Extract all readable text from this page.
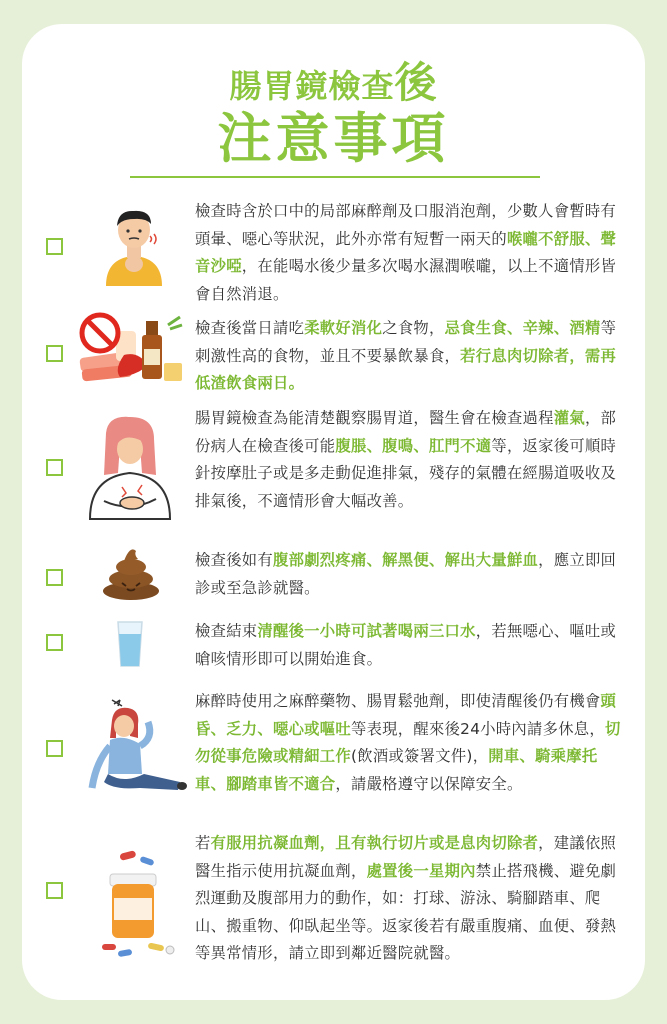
腸胃鏡檢查後
注意事項
檢查時含於口中的局部麻醉劑及口服消泡劑，少數人會暫時有頭暈、噁心等狀況，此外亦常有短暫一兩天的喉嚨不舒服、聲音沙啞，在能喝水後少量多次喝水濕潤喉嚨，以上不適情形皆會自然消退。
檢查後當日請吃柔軟好消化之食物，忌食生食、辛辣、酒精等刺激性高的食物，並且不要暴飲暴食，若行息肉切除者，需再低渣飲食兩日。
腸胃鏡檢查為能清楚觀察腸胃道，醫生會在檢查過程灌氣，部份病人在檢查後可能腹脹、腹鳴、肛門不適等，返家後可順時針按摩肚子或是多走動促進排氣，殘存的氣體在經腸道吸收及排氣後，不適情形會大幅改善。
檢查後如有腹部劇烈疼痛、解黑便、解出大量鮮血，應立即回診或至急診就醫。
檢查結束清醒後一小時可試著喝兩三口水，若無噁心、嘔吐或嗆咳情形即可以開始進食。
麻醉時使用之麻醉藥物、腸胃鬆弛劑，即使清醒後仍有機會頭昏、乏力、噁心或嘔吐等表現，醒來後24小時內請多休息，切勿從事危險或精細工作(飲酒或簽署文件)，開車、騎乘摩托車、腳踏車皆不適合，請嚴格遵守以保障安全。
若有服用抗凝血劑，且有執行切片或是息肉切除者，建議依照醫生指示使用抗凝血劑，處置後一星期內禁止搭飛機、避免劇烈運動及腹部用力的動作，如：打球、游泳、騎腳踏車、爬山、搬重物、仰臥起坐等。返家後若有嚴重腹痛、血便、發熱等異常情形，請立即到鄰近醫院就醫。
